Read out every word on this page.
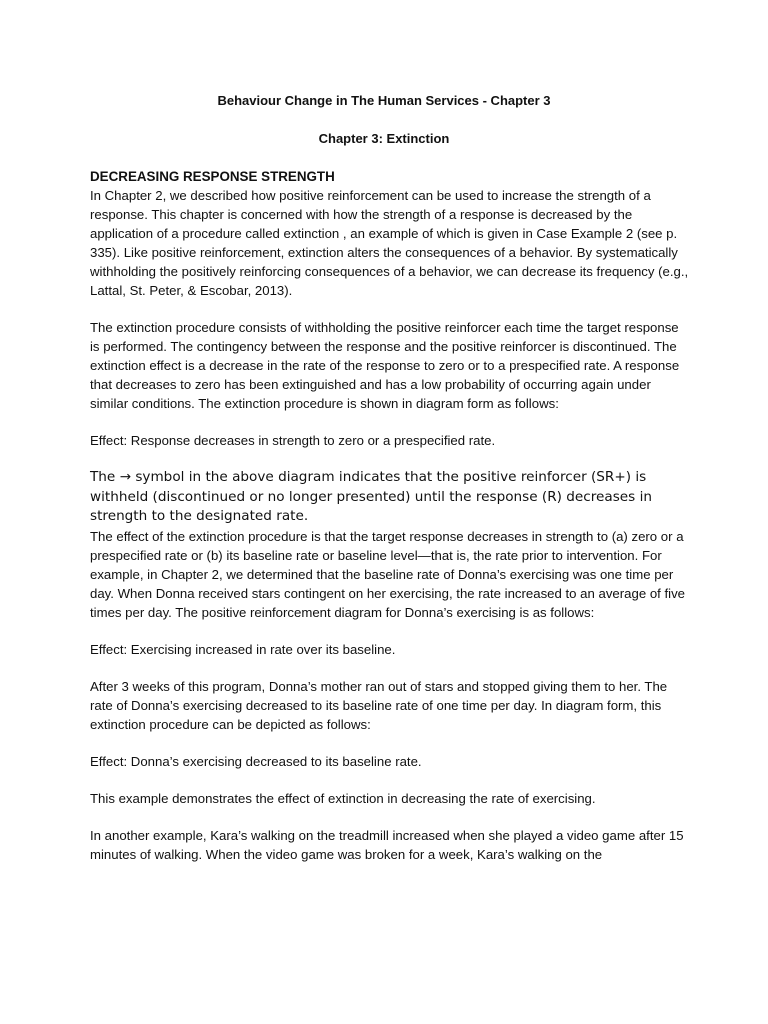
Behaviour Change in The Human Services - Chapter 3
Chapter 3: Extinction

DECREASING RESPONSE STRENGTH

In Chapter 2, we described how positive reinforcement can be used to increase the strength of a response. This chapter is concerned with how the strength of a response is decreased by the application of a procedure called extinction , an example of which is given in Case Example 2 (see p. 335). Like positive reinforcement, extinction alters the consequences of a behavior. By systematically withholding the positively reinforcing consequences of a behavior, we can decrease its frequency (e.g., Lattal, St. Peter, & Escobar, 2013).

The extinction procedure consists of withholding the positive reinforcer each time the target response is performed. The contingency between the response and the positive reinforcer is discontinued. The extinction effect is a decrease in the rate of the response to zero or to a prespecified rate. A response that decreases to zero has been extinguished and has a low probability of occurring again under similar conditions. The extinction procedure is shown in diagram form as follows:

Effect: Response decreases in strength to zero or a prespecified rate.

The → symbol in the above diagram indicates that the positive reinforcer (SR+) is withheld (discontinued or no longer presented) until the response (R) decreases in strength to the designated rate.

The effect of the extinction procedure is that the target response decreases in strength to (a) zero or a prespecified rate or (b) its baseline rate or baseline level—that is, the rate prior to intervention. For example, in Chapter 2, we determined that the baseline rate of Donna’s exercising was one time per day. When Donna received stars contingent on her exercising, the rate increased to an average of five times per day. The positive reinforcement diagram for Donna’s exercising is as follows:

Effect: Exercising increased in rate over its baseline.

After 3 weeks of this program, Donna’s mother ran out of stars and stopped giving them to her. The rate of Donna’s exercising decreased to its baseline rate of one time per day. In diagram form, this extinction procedure can be depicted as follows:

Effect: Donna’s exercising decreased to its baseline rate.

This example demonstrates the effect of extinction in decreasing the rate of exercising.

In another example, Kara’s walking on the treadmill increased when she played a video game after 15 minutes of walking. When the video game was broken for a week, Kara’s walking on the
